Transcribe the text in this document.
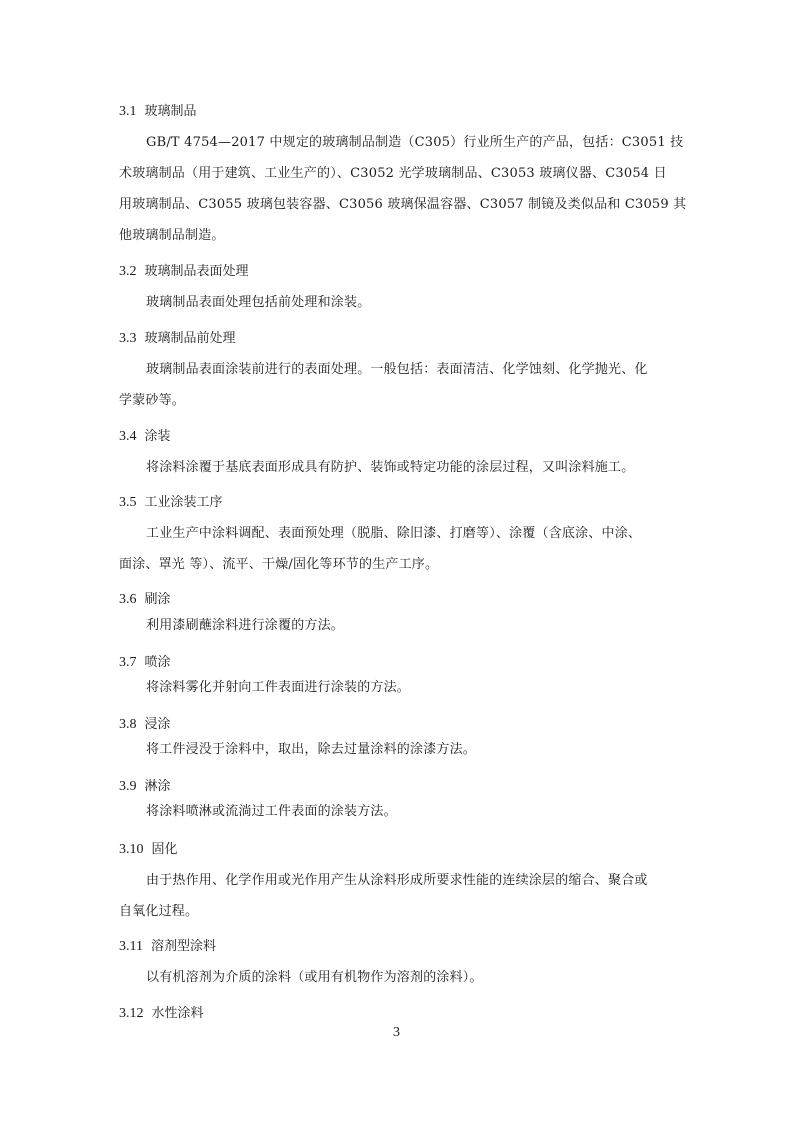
3.1 玻璃制品
GB/T 4754—2017 中规定的玻璃制品制造（C305）行业所生产的产品，包括：C3051 技
术玻璃制品（用于建筑、工业生产的）、C3052 光学玻璃制品、C3053 玻璃仪器、C3054 日
用玻璃制品、C3055 玻璃包装容器、C3056 玻璃保温容器、C3057 制镜及类似品和 C3059 其
他玻璃制品制造。
3.2 玻璃制品表面处理
玻璃制品表面处理包括前处理和涂装。
3.3 玻璃制品前处理
玻璃制品表面涂装前进行的表面处理。一般包括：表面清洁、化学蚀刻、化学抛光、化
学蒙砂等。
3.4 涂装
将涂料涂覆于基底表面形成具有防护、装饰或特定功能的涂层过程，又叫涂料施工。
3.5 工业涂装工序
工业生产中涂料调配、表面预处理（脱脂、除旧漆、打磨等）、涂覆（含底涂、中涂、
面涂、罩光 等）、流平、干燥/固化等环节的生产工序。
3.6 刷涂
利用漆刷蘸涂料进行涂覆的方法。
3.7 喷涂
将涂料雾化并射向工件表面进行涂装的方法。
3.8 浸涂
将工件浸没于涂料中，取出，除去过量涂料的涂漆方法。
3.9 淋涂
将涂料喷淋或流淌过工件表面的涂装方法。
3.10 固化
由于热作用、化学作用或光作用产生从涂料形成所要求性能的连续涂层的缩合、聚合或
自氧化过程。
3.11 溶剂型涂料
以有机溶剂为介质的涂料（或用有机物作为溶剂的涂料）。
3.12 水性涂料
3
